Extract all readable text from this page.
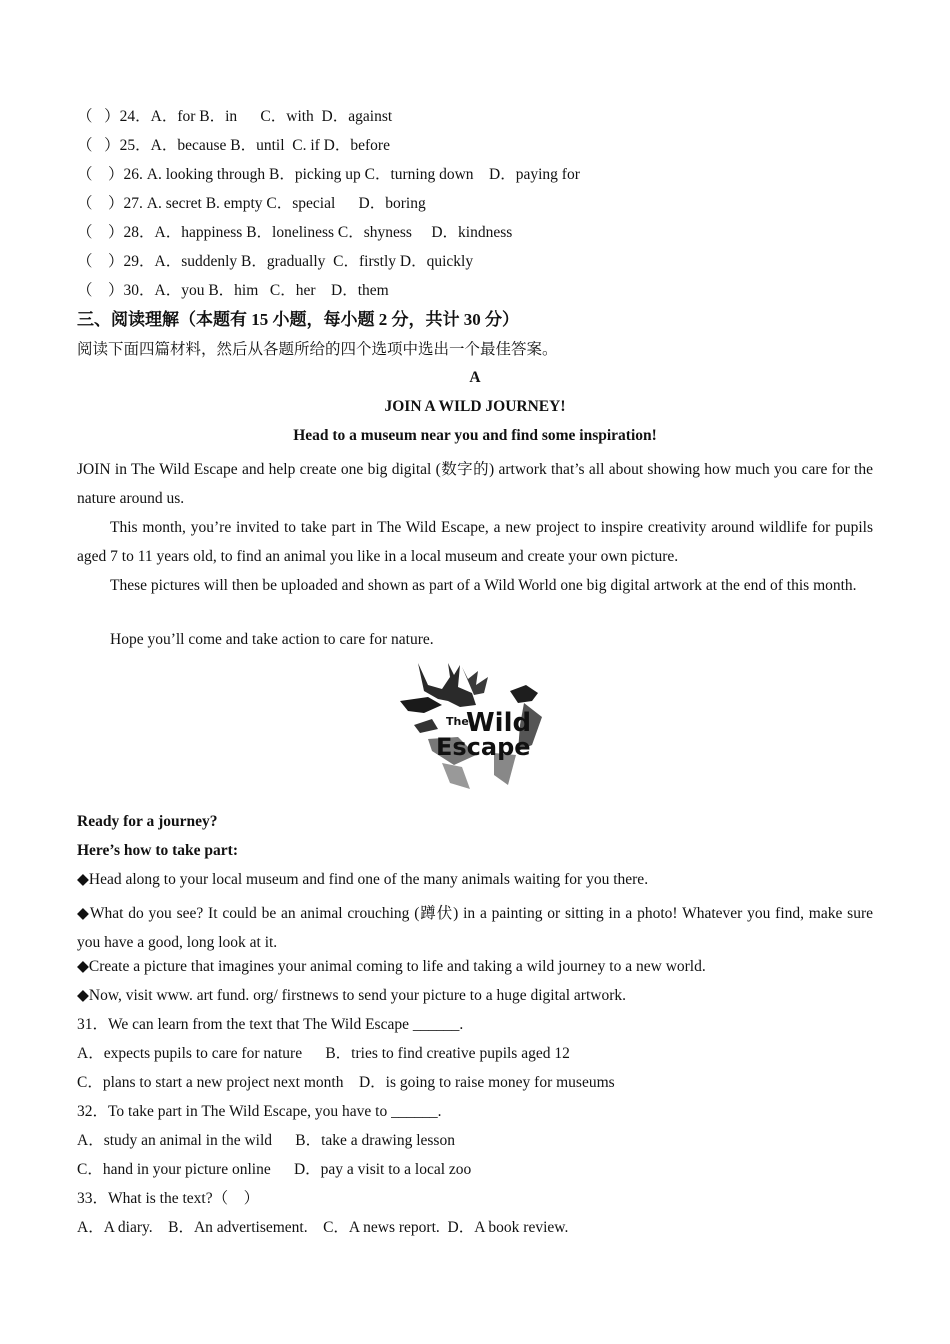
（   ）24．A．for B．in      C．with  D．against
（   ）25．A．because B．until  C. if D．before
（    ）26. A. looking through B．picking up C．turning down    D．paying for
（    ）27. A. secret B. empty C．special      D．boring
（    ）28．A．happiness B．loneliness C．shyness     D．kindness
（    ）29．A．suddenly B．gradually  C．firstly D．quickly
（    ）30．A．you B．him   C．her    D．them
三、阅读理解（本题有 15 小题，每小题 2 分，共计 30 分）
阅读下面四篇材料，然后从各题所给的四个选项中选出一个最佳答案。
A
JOIN A WILD JOURNEY!
Head to a museum near you and find some inspiration!
JOIN in The Wild Escape and help create one big digital (数字的) artwork that’s all about showing how much you care for the nature around us.
This month, you’re invited to take part in The Wild Escape, a new project to inspire creativity around wildlife for pupils aged 7 to 11 years old, to find an animal you like in a local museum and create your own picture.
These pictures will then be uploaded and shown as part of a Wild World one big digital artwork at the end of this month.
Hope you’ll come and take action to care for nature.
The
Wild
Escape
Ready for a journey?
Here’s how to take part:
◆Head along to your local museum and find one of the many animals waiting for you there.
◆What do you see? It could be an animal crouching (蹲伏) in a painting or sitting in a photo! Whatever you find, make sure you have a good, long look at it.
◆Create a picture that imagines your animal coming to life and taking a wild journey to a new world.
◆Now, visit www. art fund. org/ firstnews to send your picture to a huge digital artwork.
31．We can learn from the text that The Wild Escape ______.
A．expects pupils to care for nature      B．tries to find creative pupils aged 12
C．plans to start a new project next month    D．is going to raise money for museums
32．To take part in The Wild Escape, you have to ______.
A．study an animal in the wild      B．take a drawing lesson
C．hand in your picture online      D．pay a visit to a local zoo
33．What is the text?（    ）
A．A diary.    B．An advertisement.    C．A news report.  D．A book review.
